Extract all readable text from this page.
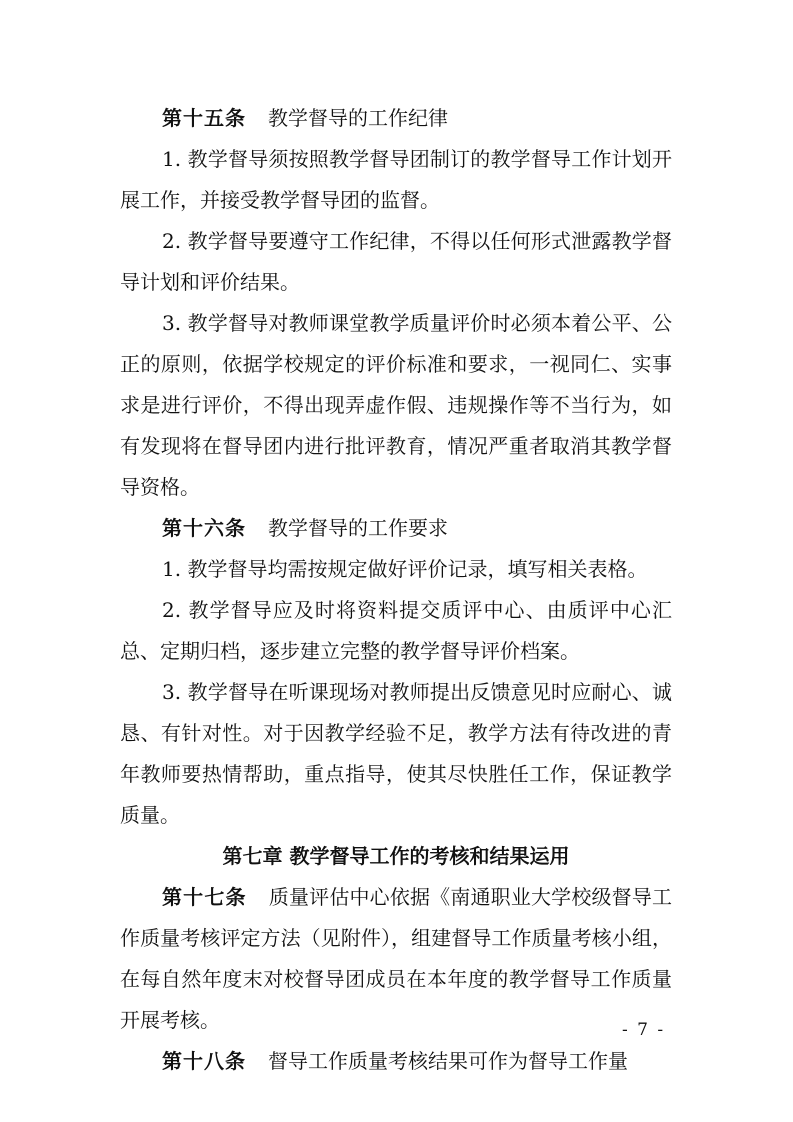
第十五条 教学督导的工作纪律

1. 教学督导须按照教学督导团制订的教学督导工作计划开展工作，并接受教学督导团的监督。

2. 教学督导要遵守工作纪律，不得以任何形式泄露教学督导计划和评价结果。

3. 教学督导对教师课堂教学质量评价时必须本着公平、公正的原则，依据学校规定的评价标准和要求，一视同仁、实事求是进行评价，不得出现弄虚作假、违规操作等不当行为，如有发现将在督导团内进行批评教育，情况严重者取消其教学督导资格。

第十六条 教学督导的工作要求

1. 教学督导均需按规定做好评价记录，填写相关表格。

2. 教学督导应及时将资料提交质评中心、由质评中心汇总、定期归档，逐步建立完整的教学督导评价档案。

3. 教学督导在听课现场对教师提出反馈意见时应耐心、诚恳、有针对性。对于因教学经验不足，教学方法有待改进的青年教师要热情帮助，重点指导，使其尽快胜任工作，保证教学质量。

第七章 教学督导工作的考核和结果运用

第十七条 质量评估中心依据《南通职业大学校级督导工作质量考核评定方法（见附件），组建督导工作质量考核小组，在每自然年度末对校督导团成员在本年度的教学督导工作质量开展考核。

第十八条 督导工作质量考核结果可作为督导工作量

- 7 -
